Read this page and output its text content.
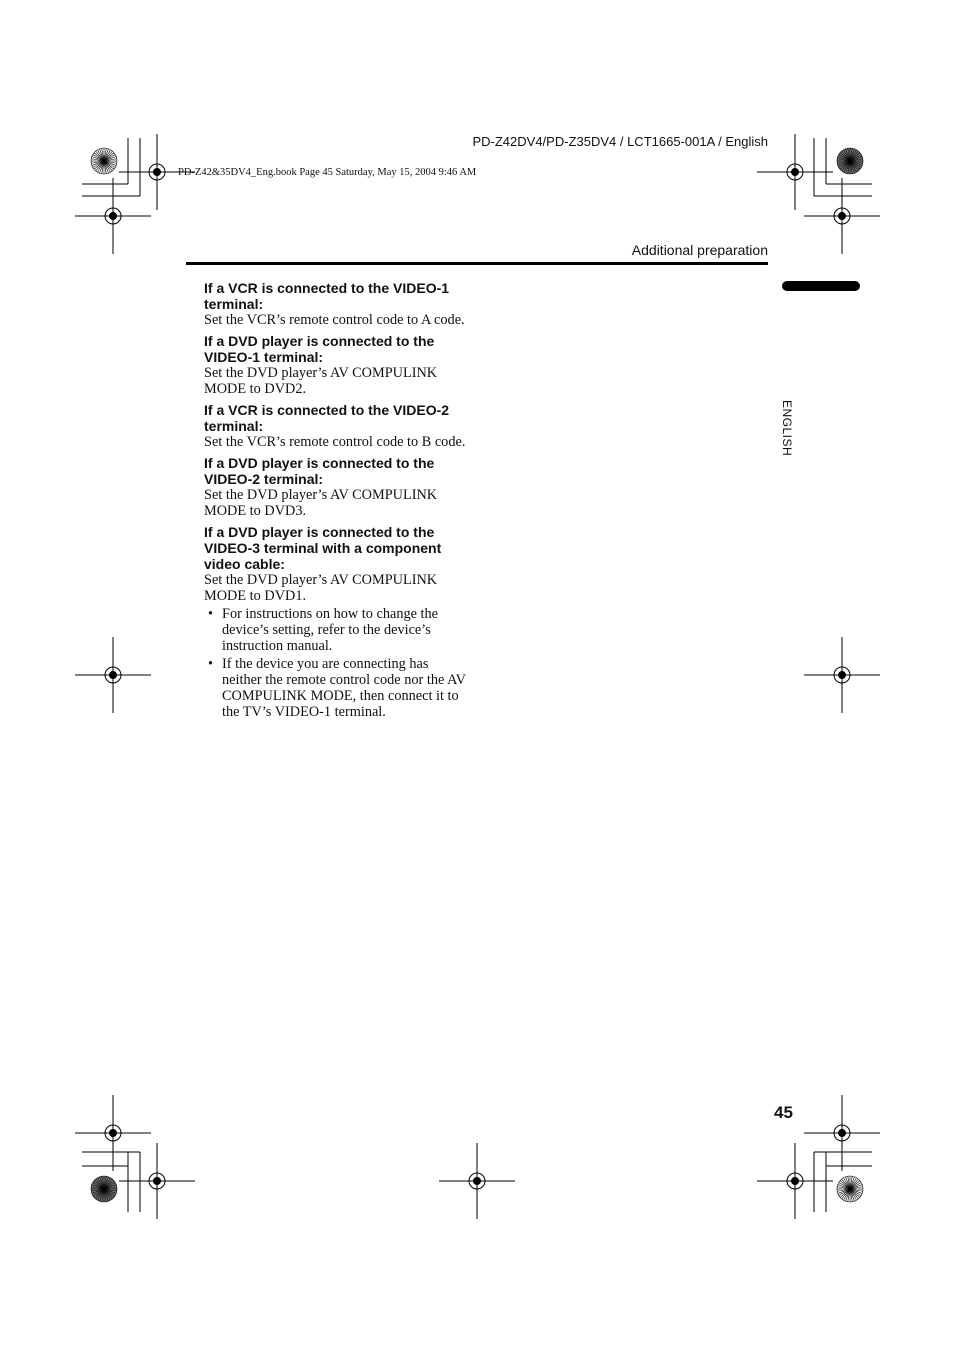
PD-Z42DV4/PD-Z35DV4 / LCT1665-001A / English
PD-Z42&35DV4_Eng.book Page 45 Saturday, May 15, 2004 9:46 AM
Additional preparation
ENGLISH
If a VCR is connected to the VIDEO-1 terminal:
Set the VCR’s remote control code to A code.
If a DVD player is connected to the VIDEO-1 terminal:
Set the DVD player’s AV COMPULINK MODE to DVD2.
If a VCR is connected to the VIDEO-2 terminal:
Set the VCR’s remote control code to B code.
If a DVD player is connected to the VIDEO-2 terminal:
Set the DVD player’s AV COMPULINK MODE to DVD3.
If a DVD player is connected to the VIDEO-3 terminal with a component video cable:
Set the DVD player’s AV COMPULINK MODE to DVD1.
• For instructions on how to change the device’s setting, refer to the device’s instruction manual.
• If the device you are connecting has neither the remote control code nor the AV COMPULINK MODE, then connect it to the TV’s VIDEO-1 terminal.
45
